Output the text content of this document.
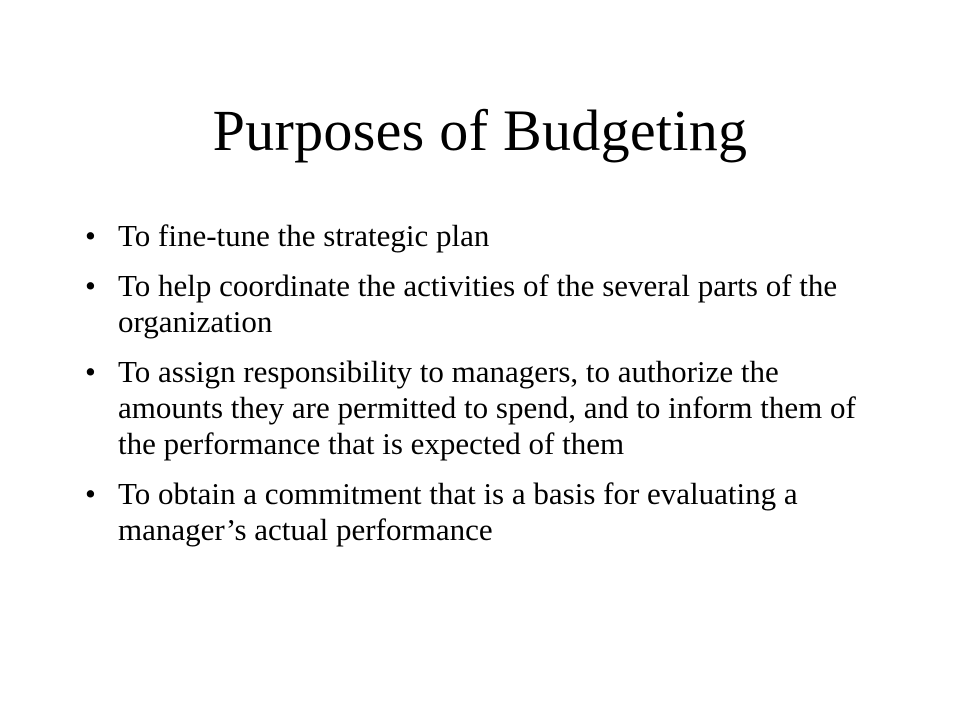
Purposes of Budgeting
• To fine-tune the strategic plan
• To help coordinate the activities of the several parts of the organization
• To assign responsibility to managers, to authorize the amounts they are permitted to spend, and to inform them of the performance that is expected of them
• To obtain a commitment that is a basis for evaluating a manager’s actual performance
